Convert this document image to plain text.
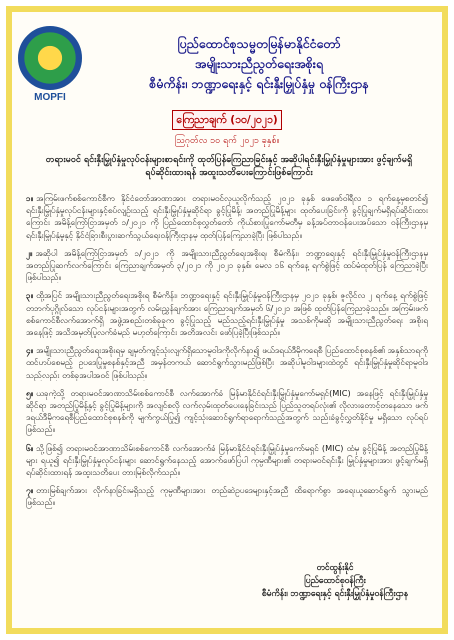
MOPFI
ပြည်ထောင်စုသမ္မတမြန်မာနိုင်ငံတော်
အမျိုးသားညီညွတ်ရေးအစိုးရ
စီမံကိန်း၊ ဘဏ္ဍာရေးနှင့် ရင်းနှီးမြှုပ်နှံမှု ဝန်ကြီးဌာန
ကြေညာချက် (၁၀/၂၀၂၁)
ဩဂုတ်လ ၁၀ ရက် ၂၀၂၁ ခုနှစ်။
တရားမဝင် ရင်းနှီးမြှုပ်နှံမှုလုပ်ငန်းများစာရင်းကို ထုတ်ပြန်ကြေညာခြင်းနှင့် အဆိုပါရင်းနှီးမြှုပ်နှံမှုများအား ဖွင့်ချက်မရှိ ရပ်ဆိုင်းထားရန် အထူးသတိပေးကြောင်းဖြစ်ကြောင်း

၁။ အကြမ်းဖက်စစ်ကောင်စီက နိုင်ငံတော်အာဏာအား တရားမဝင်လုယူလိုက်သည့် ၂၀၂၁ ခုနှစ် ဖေဖော်ဝါရီလ ၁ ရက်နေ့မှစတင်၍ ရင်းနှီးမြှုပ်နှံမှုလုပ်ငန်းများနှင့်စပ်လျဉ်းသည့် ရင်းနှီးမြှုပ်နှံမှုဆိုင်ရာ ခွင့်ပြုမိန့်၊ အတည်ပြုမိန့်များ ထုတ်ပေးခြင်းကို ခွင့်ပြုချက်မရှိရပ်ဆိုင်းထားကြောင်း အမိန့်ကြော်ငြာအမှတ် ၁/၂၀၂၁ ကို ပြည်ထောင်စုလွှတ်တော် ကိုယ်စားပြုကော်မတီမှ ခန့်အပ်တာဝန်ပေးအပ်သော ဝန်ကြီးဌာနမှ ရင်းနှီးမြှုပ်နှံမှုနှင့် နိုင်ငံခြားစီးပွားဆက်သွယ်ရေးဝန်ကြီးဌာနမှ ထုတ်ပြန်ကြေညာခဲ့ပြီး ဖြစ်ပါသည်။

၂။ အဆိုပါ အမိန့်ကြော်ငြာအမှတ် ၁/၂၀၂၁ ကို အမျိုးသားညီညွတ်ရေးအစိုးရ၊ စီမံကိန်း၊ ဘဏ္ဍာရေးနှင့် ရင်းနှီးမြှုပ်နှံမှုဝန်ကြီးဌာနမှ အတည်ပြုဆက်လက်ကြောင်း ကြေညာချက်အမှတ် ၃/၂၀၂၁ ကို ၂၀၂၁ ခုနှစ်၊ မေလ ၁၆ ရက်နေ့ ရက်စွဲဖြင့် ထပ်မံထုတ်ပြန် ကြေညာခဲ့ပြီး ဖြစ်ပါသည်။

၃။ ထို့အပြင် အမျိုးသားညီညွတ်ရေးအစိုးရ စီမံကိန်း၊ ဘဏ္ဍာရေးနှင့် ရင်းနှီးမြှုပ်နှံမှုဝန်ကြီးဌာနမှ ၂၀၂၁ ခုနှစ်၊ ဇူလိုင်လ ၂ ရက်နေ့ ရက်စွဲဖြင့် တဘက်ပုဂ္ဂိုလ်သော လုပ်ငန်းများအတွက် လမ်းညွှန်ချက်အား ကြေညာချက်အမှတ် ၆/၂၀၂၁ အဖြစ် ထုတ်ပြန်ကြေညာခဲ့သည်။ အကြမ်းဖက်စစ်ကောင်စီလက်အောက်ရှိ အဖွဲ့အစည်းတစ်ခုခုက ခွင့်ပြုသည့် မည်သည့်ရင်းနှီးမြှုပ်နှံမှု အသစ်ကိုမဆို အမျိုးသားညီညွတ်ရေး အစိုးရအနေဖြင့် အသိအမှတ်ပြုလက်ခံမည် မဟုတ်ကြောင်း အတိအလင်း ဖော်ပြခဲ့ပြီးဖြစ်သည်။

၄။ အမျိုးသားညီညွတ်ရေးအစိုးရမှ ချမှတ်ကျင့်သုံးလျက်ရှိသောမူဝါဒကိုလိုက်နာ၍ ဖယ်ဒရယ်ဒီမိုကရေစီ ပြည်ထောင်စုစနစ်၏ အနှစ်သာရကို ထင်ဟပ်စေမည့် ဥပဒေပြုမှုစနစ်နှင့်အညီ အမှန်တကယ် ဆောင်ရွက်သွားမည်ဖြစ်ပြီး အဆိုပါမူဝါဒများထဲတွင် ရင်းနှီးမြှုပ်နှံမှုဆိုင်ရာမူဝါဒ သည်လည်း တစ်ခုအပါအဝင် ဖြစ်ပါသည်။

၅။ ယခုကဲ့သို့ တရားမဝင်အာဏာသိမ်းစစ်ကောင်စီ လက်အောက်ခံ မြန်မာနိုင်ငံရင်းနှီးမြှုပ်နှံမှုကော်မရှင်(MIC) အနေဖြင့် ရင်းနှီးမြှုပ်နှံမှုဆိုင်ရာ အတည်ပြုမိန့်နှင့် ခွင့်ပြုမိန့်များကို အလျင်စလို လက်လှမ်းထုတ်ပေးနေခြင်းသည် ပြည်သူတရပ်လုံး၏ လိုလားတောင့်တနေသော ဖက်ဒရယ်ဒီမိုကရေစီပြည်ထောင်စုစနစ်ကို မျက်ကွယ်ပြု၍ ကျင့်သုံးဆောင်ရွက်ရာရောက်သည့်အတွက် သည်းခံခွင့်လွှတ်နိုင်မှု မရှိသော လုပ်ရပ်ဖြစ်သည်။

၆။ သို့ဖြစ်၍ တရားမဝင်အာဏာသိမ်းစစ်ကောင်စီ လက်အောက်ခံ မြန်မာနိုင်ငံရင်းနှီးမြှုပ်နှံမှုကော်မရှင် (MIC) ထံမှ ခွင့်ပြုမိန့် အတည်ပြုမိန့်များ ရယူ၍ ရင်းနှီးမြှုပ်နှံမှုလုပ်ငန်းများ ဆောင်ရွက်နေသည့် အောက်ဖော်ပြပါ ကုမ္ပဏီများ၏ တရားမဝင်ရင်းနှီး မြှုပ်နှံမှုများအား ဖွင့်ချက်မရှိရပ်ဆိုင်းထားရန် အထူးသတိပေး တားမြစ်လိုက်သည်။

၇။ တားမြစ်ချက်အား လိုက်နာခြင်းမရှိသည့် ကုမ္ပဏီများအား တည်ဆဲဥပဒေများနှင့်အညီ ထိရောက်စွာ အရေးယူဆောင်ရွက် သွားမည်ဖြစ်သည်။

တင်ထွန်းနိုင်
ပြည်ထောင်စုဝန်ကြီး
စီမံကိန်း၊ ဘဏ္ဍာရေးနှင့် ရင်းနှီးမြှုပ်နှံမှုဝန်ကြီးဌာန
